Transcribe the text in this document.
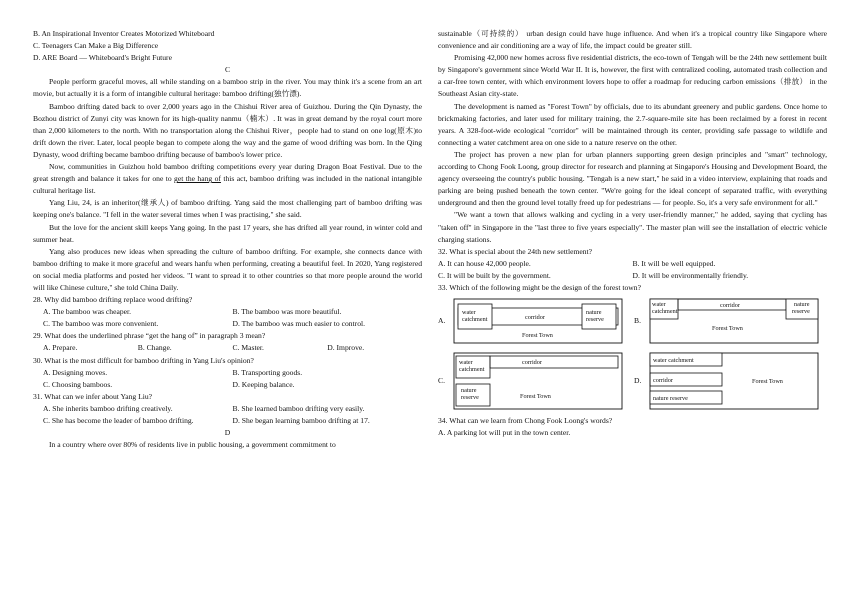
B. An Inspirational Inventor Creates Motorized Whiteboard

C. Teenagers Can Make a Big Difference

D. ARE Board — Whiteboard's Bright Future

C

People perform graceful moves, all while standing on a bamboo strip in the river. You may think it's a scene from an art movie, but actually it is a form of intangible cultural heritage: bamboo drifting(独竹漂).

Bamboo drifting dated back to over 2,000 years ago in the Chishui River area of Guizhou. During the Qin Dynasty, the Bozhou district of Zunyi city was known for its high-quality nanmu（楠木）. It was in great demand by the royal court more than 2,000 kilometers to the north. With no transportation along the Chishui River，people had to stand on one log(原木)to drift down the river. Later, local people began to compete along the way and the game of wood drifting was born. In the Qing Dynasty, wood drifting became bamboo drifting because of bamboo's lower price.

Now, communities in Guizhou hold bamboo drifting competitions every year during Dragon Boat Festival. Due to the great strength and balance it takes for one to get the hang of this act, bamboo drifting was included in the national intangible cultural heritage list.

Yang Liu, 24, is an inheritor(继承人) of bamboo drifting. Yang said the most challenging part of bamboo drifting was keeping one's balance. "I fell in the water several times when I was practising," she said.

But the love for the ancient skill keeps Yang going. In the past 17 years, she has drifted all year round, in winter cold and summer heat.

Yang also produces new ideas when spreading the culture of bamboo drifting. For example, she connects dance with bamboo drifting to make it more graceful and wears hanfu when performing, creating a beautiful feel. In 2020, Yang registered on social media platforms and posted her videos. "I want to spread it to other countries so that more people around the world will like Chinese culture," she told China Daily.

28. Why did bamboo drifting replace wood drifting?

A. The bamboo was cheaper.	B. The bamboo was more beautiful.
C. The bamboo was more convenient.	D. The bamboo was much easier to control.

29. What does the underlined phrase “get the hang of” in paragraph 3 mean?

A. Prepare.	B. Change.	C. Master.	D. Improve.

30. What is the most difficult for bamboo drifting in Yang Liu's opinion?

A. Designing moves.	B. Transporting goods.
C. Choosing bamboos.	D. Keeping balance.

31. What can we infer about Yang Liu?

A. She inherits bamboo drifting creatively.	B. She learned bamboo drifting very easily.
C. She has become the leader of bamboo drifting.	D. She began learning bamboo drifting at 17.

D

In a country where over 80% of residents live in public housing, a government commitment to

sustainable（可持续的） urban design could have huge influence. And when it's a tropical country like Singapore where convenience and air conditioning are a way of life, the impact could be greater still.

Promising 42,000 new homes across five residential districts, the eco-town of Tengah will be the 24th new settlement built by Singapore's government since World War II. It is, however, the first with centralized cooling, automated trash collection and a car-free town center, with which environment lovers hope to offer a roadmap for reducing carbon emissions（排放） in the Southeast Asian city-state.

The development is named as "Forest Town" by officials, due to its abundant greenery and public gardens. Once home to brickmaking factories, and later used for military training, the 2.7-square-mile site has been reclaimed by a forest in recent years. A 328-foot-wide ecological "corridor" will be maintained through its center, providing safe passage to wildlife and connecting a water catchment area on one side to a nature reserve on the other.

The project has proven a new plan for urban planners supporting green design principles and "smart" technology, according to Chong Fook Loong, group director for research and planning at Singapore's Housing and Development Board, the agency overseeing the country's public housing. "Tengah is a new start," he said in a video interview, explaining that roads and parking are being pushed beneath the town center. "We're going for the ideal concept of separated traffic, with everything underground and then the ground level totally freed up for pedestrians — for people. So, it's a very safe environment for all."

"We want a town that allows walking and cycling in a very user-friendly manner," he added, saying that cycling has "taken off" in Singapore in the "last three to five years especially". The master plan will see the installation of electric vehicle charging stations.

32. What is special about the 24th new settlement?

A. It can house 42,000 people.	B. It will be well equipped.
C. It will be built by the government.	D. It will be environmentally friendly.

33. Which of the following might be the design of the forest town?

A.
water
catchment	corridor
nature
reserve
Forest Town
B.
water
catchment
corridor	nature
reserve
Forest Town
C.
water
catchment
corridor
nature
reserve	Forest Town
D.
water catchment
corridor
nature reserve
Forest Town

34. What can we learn from Chong Fook Loong's words?

A. A parking lot will put in the town center.
